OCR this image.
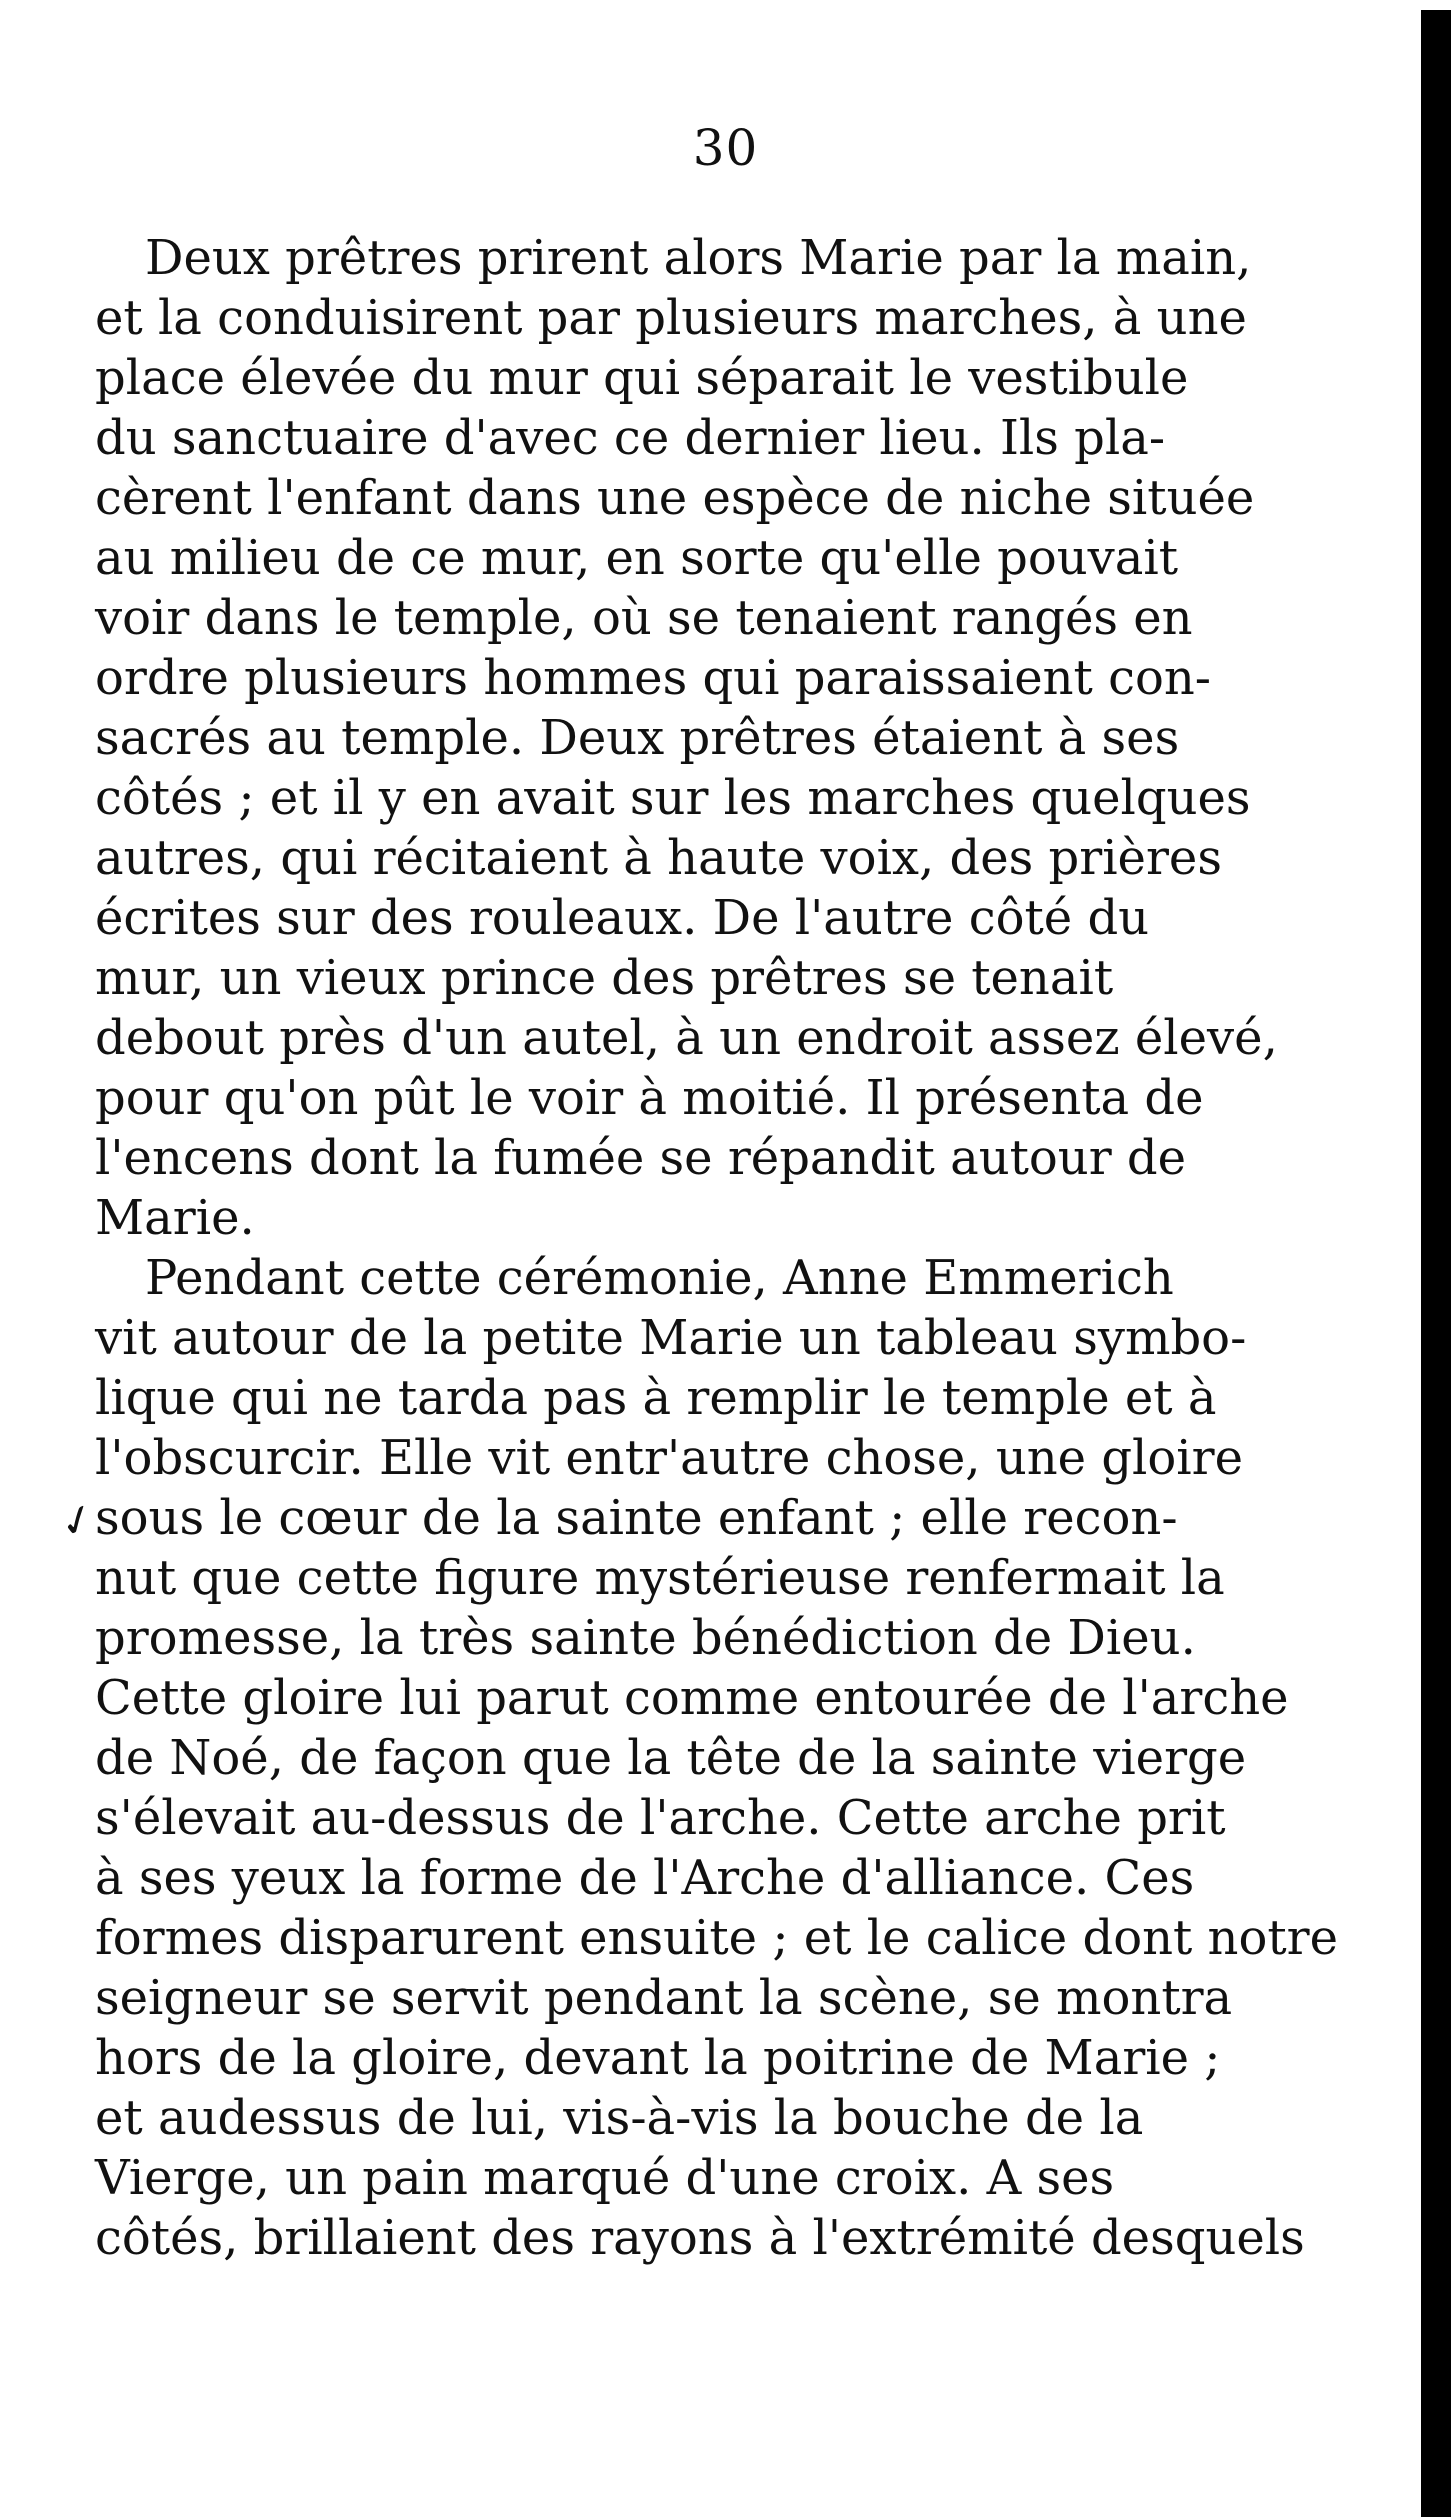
30
Deux prêtres prirent alors Marie par la main,
et la conduisirent par plusieurs marches, à une
place élevée du mur qui séparait le vestibule
du sanctuaire d'avec ce dernier lieu. Ils pla-
cèrent l'enfant dans une espèce de niche située
au milieu de ce mur, en sorte qu'elle pouvait
voir dans le temple, où se tenaient rangés en
ordre plusieurs hommes qui paraissaient con-
sacrés au temple. Deux prêtres étaient à ses
côtés ; et il y en avait sur les marches quelques
autres, qui récitaient à haute voix, des prières
écrites sur des rouleaux. De l'autre côté du
mur, un vieux prince des prêtres se tenait
debout près d'un autel, à un endroit assez élevé,
pour qu'on pût le voir à moitié. Il présenta de
l'encens dont la fumée se répandit autour de
Marie.
Pendant cette cérémonie, Anne Emmerich
vit autour de la petite Marie un tableau symbo-
lique qui ne tarda pas à remplir le temple et à
l'obscurcir. Elle vit entr'autre chose, une gloire
sous le cœur de la sainte enfant ; elle recon-
nut que cette figure mystérieuse renfermait la
promesse, la très sainte bénédiction de Dieu.
Cette gloire lui parut comme entourée de l'arche
de Noé, de façon que la tête de la sainte vierge
s'élevait au-dessus de l'arche. Cette arche prit
à ses yeux la forme de l'Arche d'alliance. Ces
formes disparurent ensuite ; et le calice dont notre
seigneur se servit pendant la scène, se montra
hors de la gloire, devant la poitrine de Marie ;
et audessus de lui, vis-à-vis la bouche de la
Vierge, un pain marqué d'une croix. A ses
côtés, brillaient des rayons à l'extrémité desquels
✓
